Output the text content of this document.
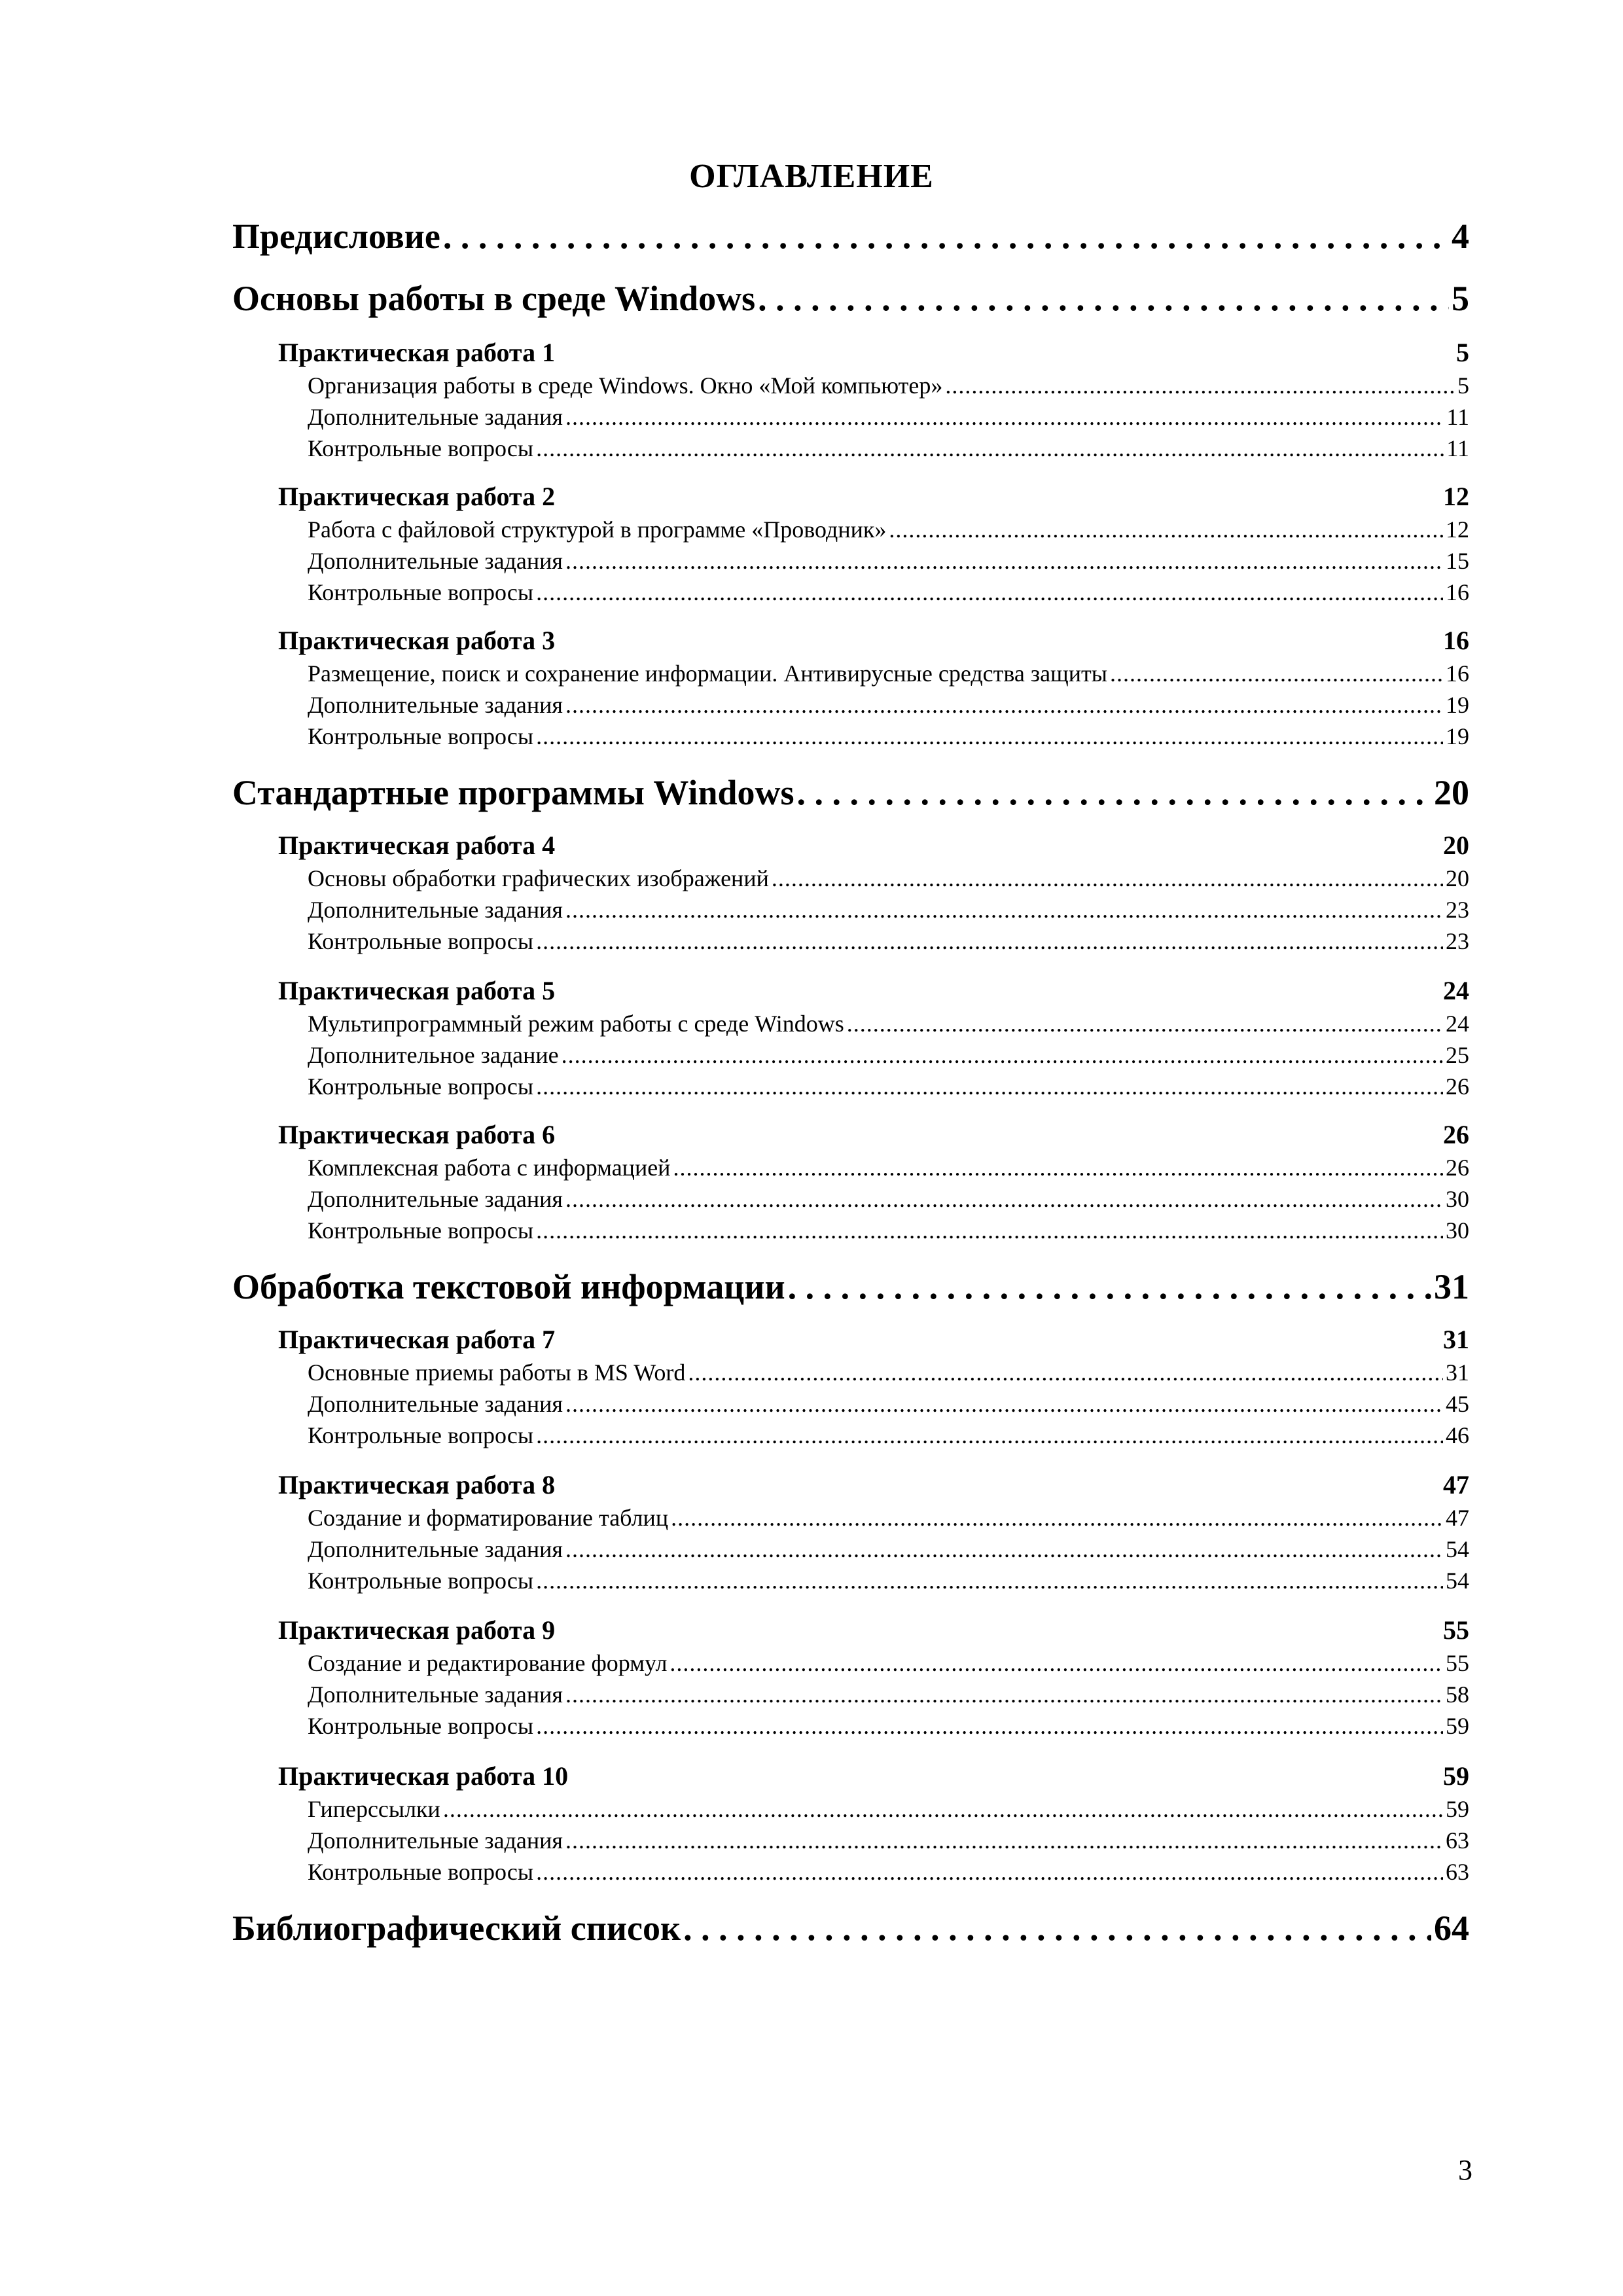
ОГЛАВЛЕНИЕ
Предисловие . . .	4
Основы работы в среде Windows . . .	5
Практическая работа 1	5
Организация работы в среде Windows. Окно «Мой компьютер» . . .	5
Дополнительные задания . . .	11
Контрольные вопросы . . .	11
Практическая работа 2	12
Работа с файловой структурой в программе «Проводник» . . .	12
Дополнительные задания . . .	15
Контрольные вопросы . . .	16
Практическая работа 3	16
Размещение, поиск и сохранение информации. Антивирусные средства защиты . . .	16
Дополнительные задания . . .	19
Контрольные вопросы . . .	19
Стандартные программы Windows . . .	20
Практическая работа 4	20
Основы обработки графических изображений . . .	20
Дополнительные задания . . .	23
Контрольные вопросы . . .	23
Практическая работа 5	24
Мультипрограммный режим работы с среде Windows . . .	24
Дополнительное задание . . .	25
Контрольные вопросы . . .	26
Практическая работа 6	26
Комплексная работа с информацией . . .	26
Дополнительные задания . . .	30
Контрольные вопросы . . .	30
Обработка текстовой информации . . .	31
Практическая работа 7	31
Основные приемы работы в MS Word . . .	31
Дополнительные задания . . .	45
Контрольные вопросы . . .	46
Практическая работа 8	47
Создание и форматирование таблиц . . .	47
Дополнительные задания . . .	54
Контрольные вопросы . . .	54
Практическая работа 9	55
Создание и редактирование формул . . .	55
Дополнительные задания . . .	58
Контрольные вопросы . . .	59
Практическая работа 10	59
Гиперссылки . . .	59
Дополнительные задания . . .	63
Контрольные вопросы . . .	63
Библиографический список . . .	64
3
